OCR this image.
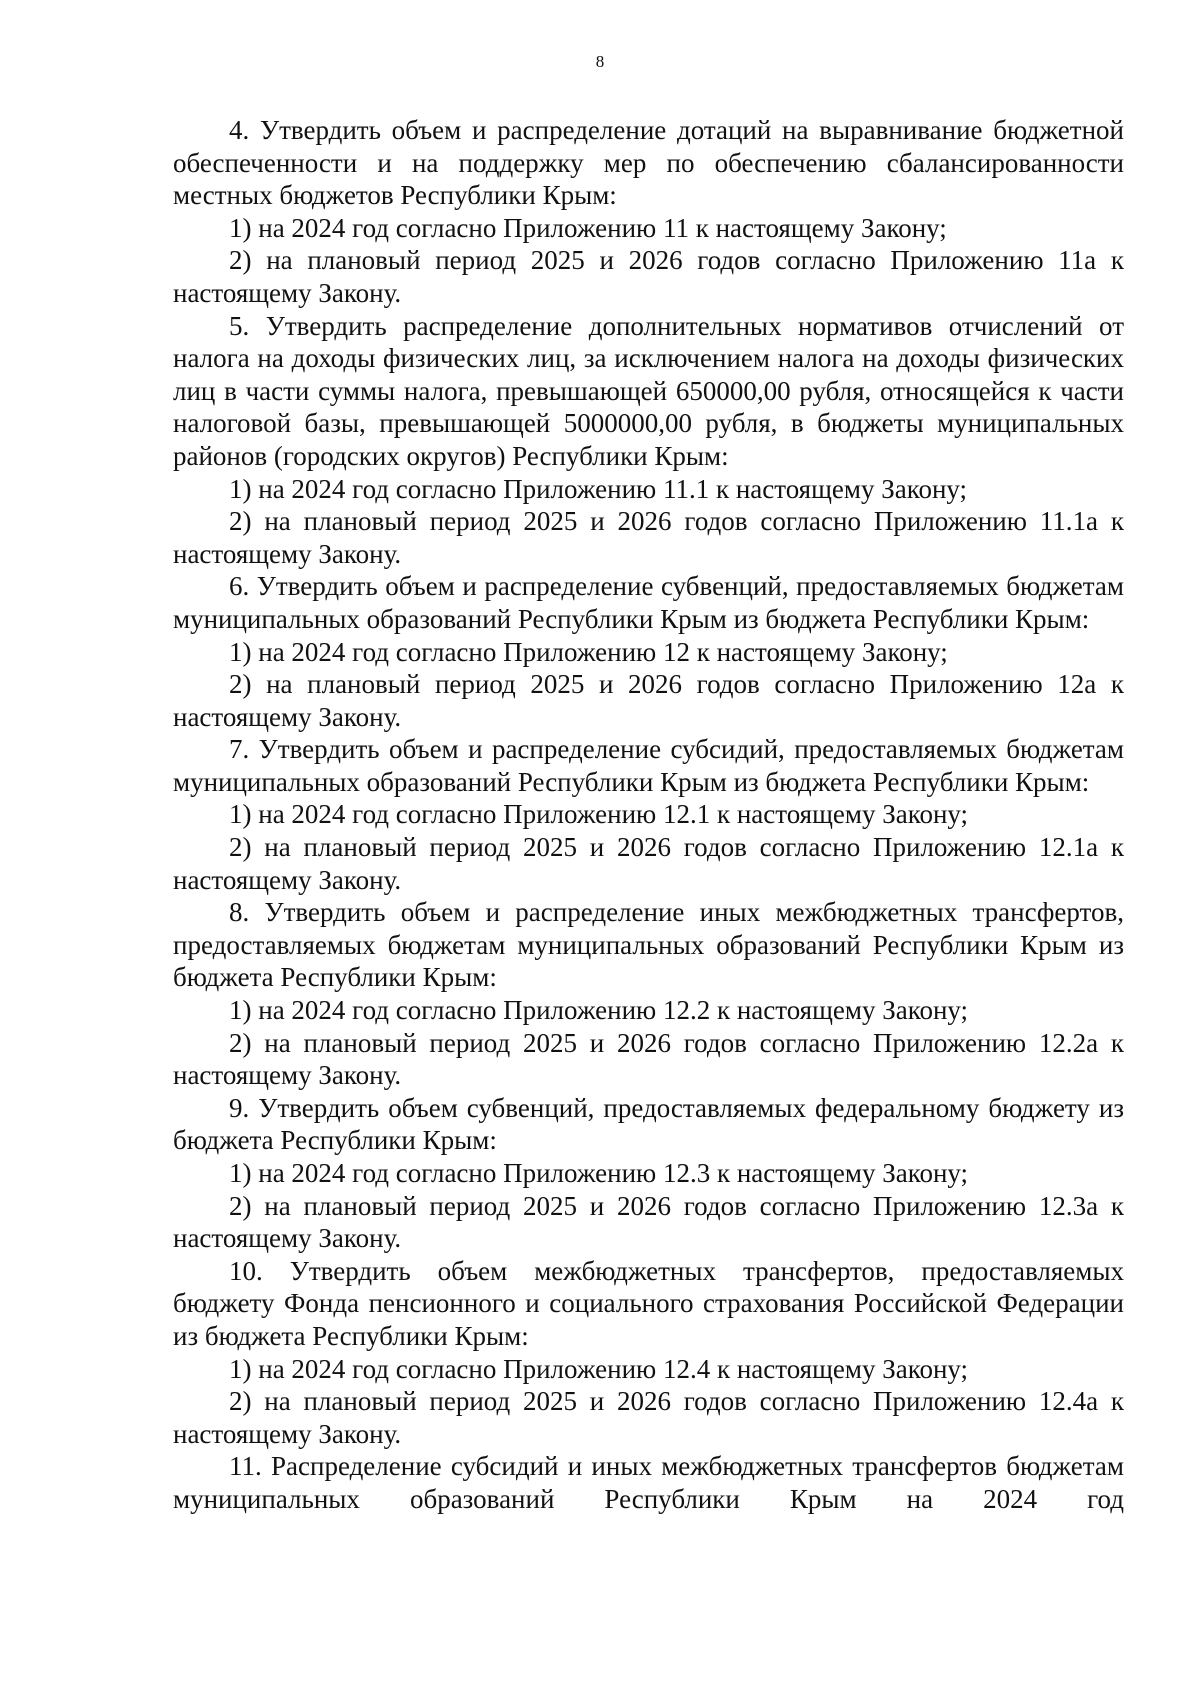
8

4. Утвердить объем и распределение дотаций на выравнивание бюджетной обеспеченности и на поддержку мер по обеспечению сбалансированности местных бюджетов Республики Крым:

1) на 2024 год согласно Приложению 11 к настоящему Закону;

2) на плановый период 2025 и 2026 годов согласно Приложению 11а к настоящему Закону.

5. Утвердить распределение дополнительных нормативов отчислений от налога на доходы физических лиц, за исключением налога на доходы физических лиц в части суммы налога, превышающей 650000,00 рубля, относящейся к части налоговой базы, превышающей 5000000,00 рубля, в бюджеты муниципальных районов (городских округов) Республики Крым:

1) на 2024 год согласно Приложению 11.1 к настоящему Закону;

2) на плановый период 2025 и 2026 годов согласно Приложению 11.1а к настоящему Закону.

6. Утвердить объем и распределение субвенций, предоставляемых бюджетам муниципальных образований Республики Крым из бюджета Республики Крым:

1) на 2024 год согласно Приложению 12 к настоящему Закону;

2) на плановый период 2025 и 2026 годов согласно Приложению 12а к настоящему Закону.

7. Утвердить объем и распределение субсидий, предоставляемых бюджетам муниципальных образований Республики Крым из бюджета Республики Крым:

1) на 2024 год согласно Приложению 12.1 к настоящему Закону;

2) на плановый период 2025 и 2026 годов согласно Приложению 12.1а к настоящему Закону.

8. Утвердить объем и распределение иных межбюджетных трансфертов, предоставляемых бюджетам муниципальных образований Республики Крым из бюджета Республики Крым:

1) на 2024 год согласно Приложению 12.2 к настоящему Закону;

2) на плановый период 2025 и 2026 годов согласно Приложению 12.2а к настоящему Закону.

9. Утвердить объем субвенций, предоставляемых федеральному бюджету из бюджета Республики Крым:

1) на 2024 год согласно Приложению 12.3 к настоящему Закону;

2) на плановый период 2025 и 2026 годов согласно Приложению 12.3а к настоящему Закону.

10. Утвердить объем межбюджетных трансфертов, предоставляемых бюджету Фонда пенсионного и социального страхования Российской Федерации из бюджета Республики Крым:

1) на 2024 год согласно Приложению 12.4 к настоящему Закону;

2) на плановый период 2025 и 2026 годов согласно Приложению 12.4а к настоящему Закону.

11. Распределение субсидий и иных межбюджетных трансфертов бюджетам муниципальных образований Республики Крым на 2024 год
